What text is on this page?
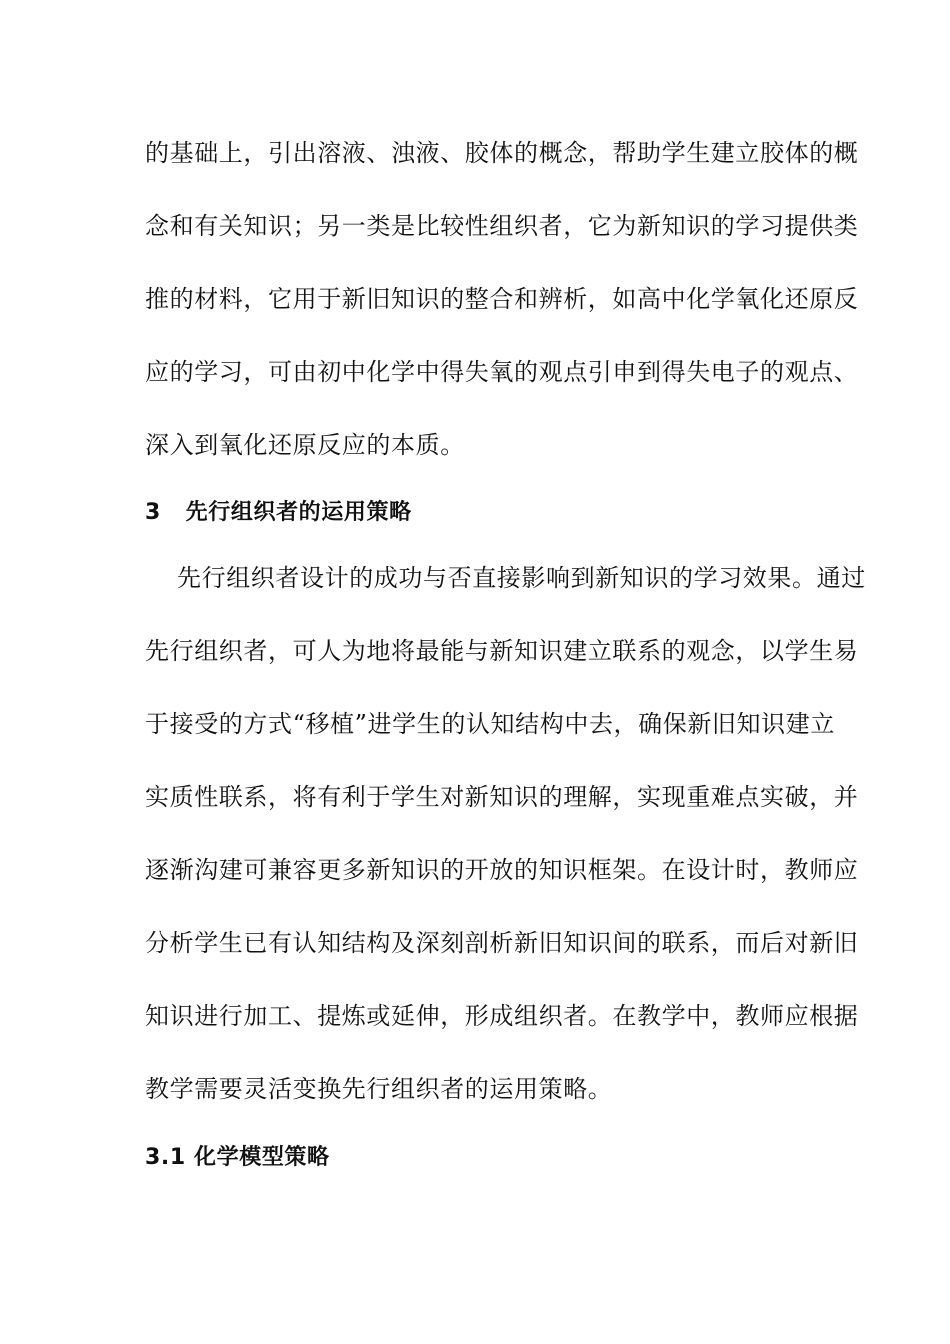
的基础上，引出溶液、浊液、胶体的概念，帮助学生建立胶体的概
念和有关知识；另一类是比较性组织者，它为新知识的学习提供类
推的材料，它用于新旧知识的整合和辨析，如高中化学氧化还原反
应的学习，可由初中化学中得失氧的观点引申到得失电子的观点、
深入到氧化还原反应的本质。
3   先行组织者的运用策略
先行组织者设计的成功与否直接影响到新知识的学习效果。通过
先行组织者，可人为地将最能与新知识建立联系的观念，以学生易
于接受的方式“移植”进学生的认知结构中去，确保新旧知识建立
实质性联系，将有利于学生对新知识的理解，实现重难点实破，并
逐渐沟建可兼容更多新知识的开放的知识框架。在设计时，教师应
分析学生已有认知结构及深刻剖析新旧知识间的联系，而后对新旧
知识进行加工、提炼或延伸，形成组织者。在教学中，教师应根据
教学需要灵活变换先行组织者的运用策略。
3.1 化学模型策略
